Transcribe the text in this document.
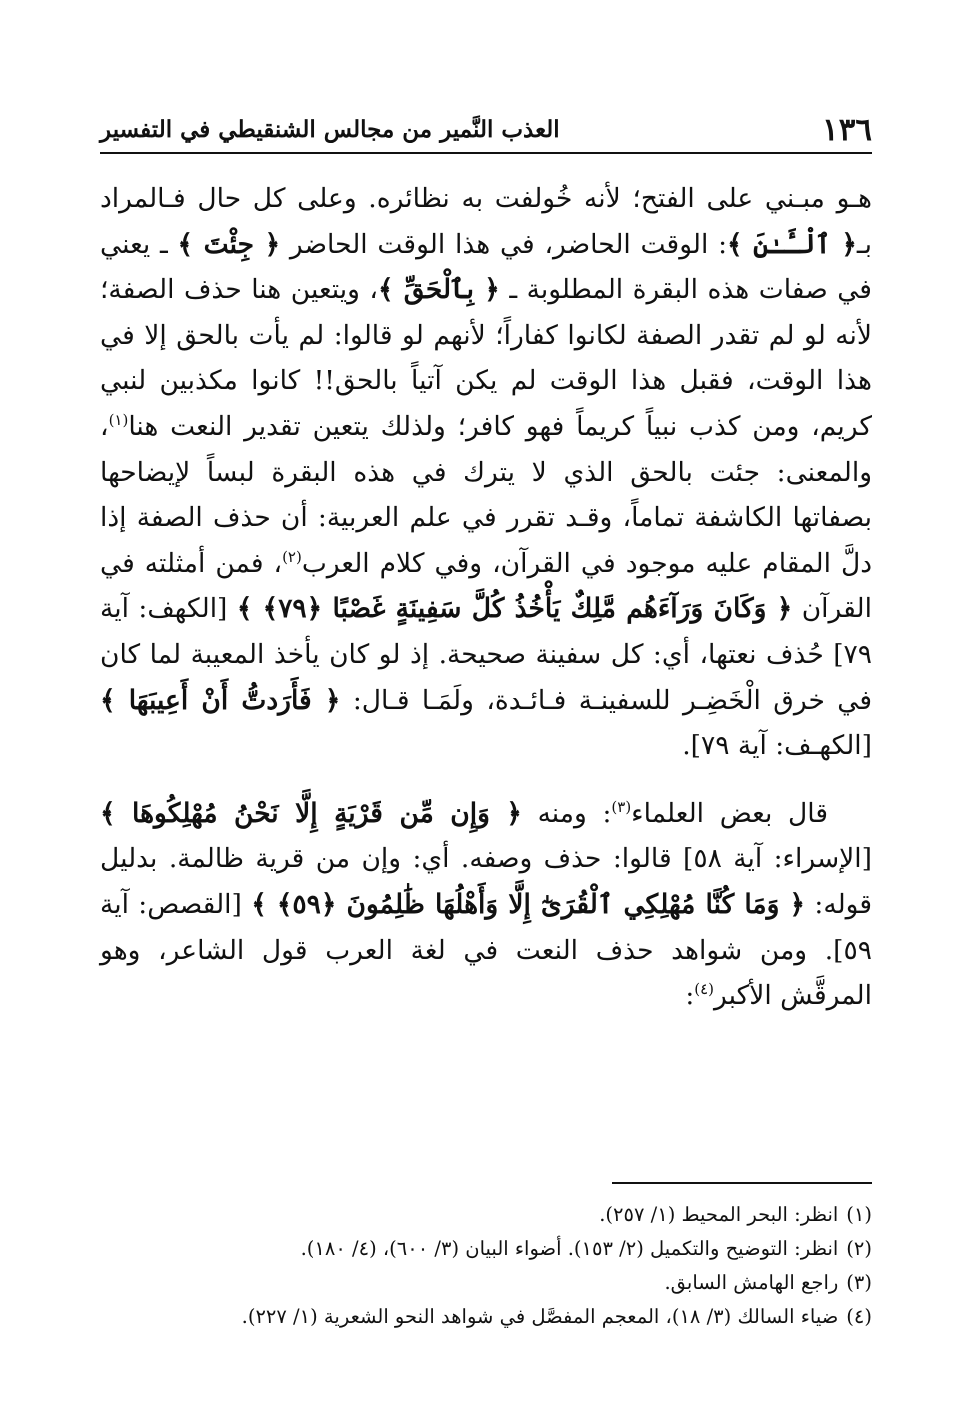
١٣٦
العذب النَّمير من مجالس الشنقيطي في التفسير

هـو مبـني على الفتح؛ لأنه خُولفت به نظائره. وعلى كل حال فـالمراد بـ﴿ ٱلْـَٔـٰنَ ﴾: الوقت الحاضر، في هذا الوقت الحاضر ﴿ جِئْتَ ﴾ ـ يعني في صفات هذه البقرة المطلوبة ـ ﴿ بِٱلْحَقِّ ﴾، ويتعين هنا حذف الصفة؛ لأنه لو لم تقدر الصفة لكانوا كفاراً؛ لأنهم لو قالوا: لم يأت بالحق إلا في هذا الوقت، فقبل هذا الوقت لم يكن آتياً بالحق!! كانوا مكذبين لنبي كريم، ومن كذب نبياً كريماً فهو كافر؛ ولذلك يتعين تقدير النعت هنا$^{(١)}$، والمعنى: جئت بالحق الذي لا يترك في هذه البقرة لبساً لإيضاحها بصفاتها الكاشفة تماماً، وقـد تقرر في علم العربية: أن حذف الصفة إذا دلَّ المقام عليه موجود في القرآن، وفي كلام العرب$^{(٢)}$، فمن أمثلته في القرآن ﴿ وَكَانَ وَرَآءَهُم مَّلِكٌ يَأْخُذُ كُلَّ سَفِينَةٍ غَصْبًا ﴿٧٩﴾ ﴾ [الكهف: آية ٧٩] حُذف نعتها، أي: كل سفينة صحيحة. إذ لو كان يأخذ المعيبة لما كان في خرق الْخَضِـر للسفينـة فـائـدة، ولَمَـا قـال: ﴿ فَأَرَدتُّ أَنْ أَعِيبَهَا ﴾ [الكهـف: آية ٧٩].

قال بعض العلماء$^{(٣)}$: ومنه ﴿ وَإِن مِّن قَرْيَةٍ إِلَّا نَحْنُ مُهْلِكُوهَا ﴾ [الإسراء: آية ٥٨] قالوا: حذف وصفه. أي: وإن من قرية ظالمة. بدليل قوله: ﴿ وَمَا كُنَّا مُهْلِكِي ٱلْقُرَىٰٓ إِلَّا وَأَهْلُهَا ظَٰلِمُونَ ﴿٥٩﴾ ﴾ [القصص: آية ٥٩]. ومن شواهد حذف النعت في لغة العرب قول الشاعر، وهو المرقَّش الأكبر$^{(٤)}$:

(١)انظر: البحر المحيط (١/ ٢٥٧).
(٢)انظر: التوضيح والتكميل (٢/ ١٥٣). أضواء البيان (٣/ ٦٠٠)، (٤/ ١٨٠).
(٣)راجع الهامش السابق.
(٤)ضياء السالك (٣/ ١٨)، المعجم المفصَّل في شواهد النحو الشعرية (١/ ٢٢٧).
